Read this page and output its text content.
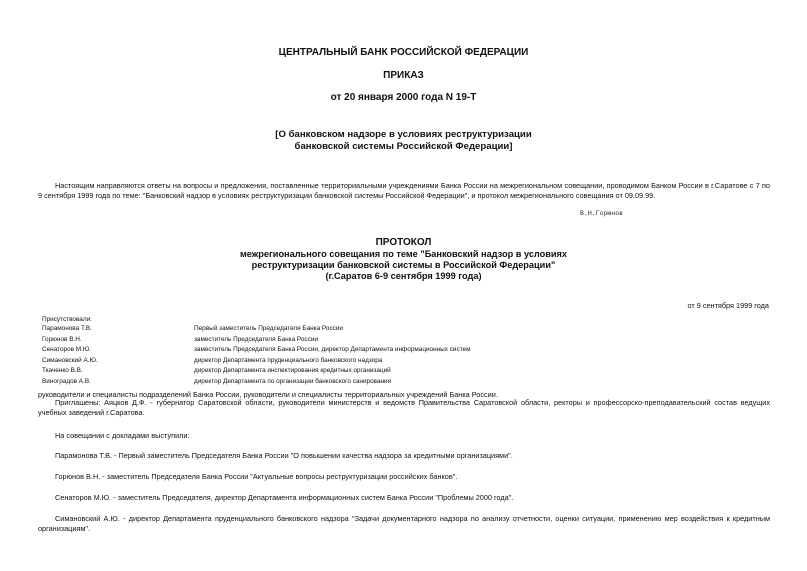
ЦЕНТРАЛЬНЫЙ БАНК РОССИЙСКОЙ ФЕДЕРАЦИИ
ПРИКАЗ
от 20 января 2000 года N 19-Т
[О банковском надзоре в условиях реструктуризации
банковской системы Российской Федерации]

Настоящим направляются ответы на вопросы и предложения, поставленные территориальными учреждениями Банка России на межрегиональном совещании, проводимом Банком России в г.Саратове с 7 по 9 сентября 1999 года по теме: "Банковский надзор в условиях реструктуризации банковской системы Российской Федерации", и протокол межрегионального совещания от 09.09.99.

В.Н.Горюнов
ПРОТОКОЛ
межрегионального совещания по теме "Банковский надзор в условиях
реструктуризации банковской системы в Российской Федерации"
(г.Саратов 6-9 сентября 1999 года)
от 9 сентября 1999 года
Присутствовали:
Парамонова Т.В.	Первый заместитель Председателя Банка России
Горюнов В.Н.	заместитель Председателя Банка России
Сенаторов М.Ю.	заместитель Председателя Банка России, директор Департамента информационных систем
Симановский А.Ю.	директор Департамента пруденциального банковского надзора
Ткаченко В.В.	директор Департамента инспектирования кредитных организаций
Виноградов А.В.	директор Департамента по организации банковского санирования

руководители и специалисты подразделений Банка России, руководители и специалисты территориальных учреждений Банка России.

Приглашены: Аяцков Д.Ф. - губернатор Саратовской области, руководители министерств и ведомств Правительства Саратовской области, ректоры и профессорско-преподавательский состав ведущих учебных заведений г.Саратова.

На совещании с докладами выступили:

Парамонова Т.В. - Первый заместитель Председателя Банка России "О повышении качества надзора за кредитными организациями".

Горюнов В.Н. - заместитель Председателя Банка России "Актуальные вопросы реструктуризации российских банков".

Сенаторов М.Ю. - заместитель Председателя, директор Департамента информационных систем Банка России "Проблемы 2000 года".

Симановский А.Ю. - директор Департамента пруденциального банковского надзора "Задачи документарного надзора по анализу отчетности, оценки ситуации, применению мер воздействия к кредитным организациям".
